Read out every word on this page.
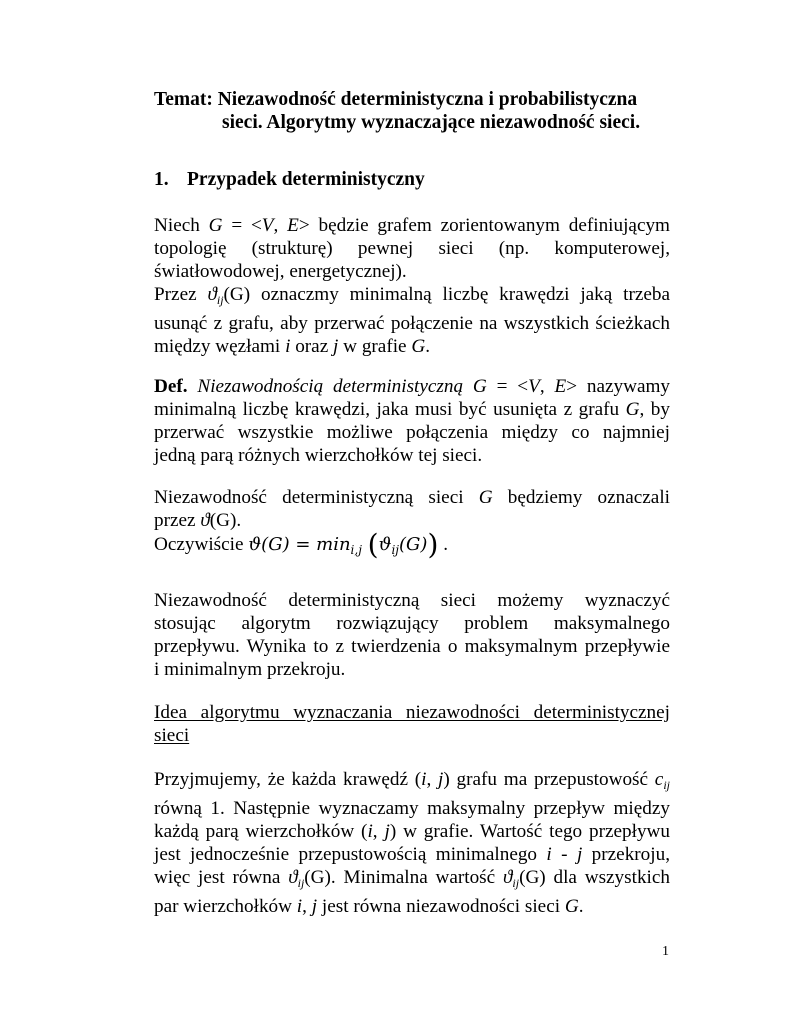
Temat: Niezawodność deterministyczna i probabilistyczna
sieci. Algorytmy wyznaczające niezawodność sieci.
1. Przypadek deterministyczny
Niech G = <V, E> będzie grafem zorientowanym definiującym
topologię (strukturę) pewnej sieci (np. komputerowej,
światłowodowej, energetycznej).
Przez $ϑ_{ij}(G)$ oznaczmy minimalną liczbę krawędzi jaką trzeba
usunąć z grafu, aby przerwać połączenie na wszystkich ścieżkach
między węzłami i oraz j w grafie G.
Def. Niezawodnością deterministyczną G = <V, E> nazywamy
minimalną liczbę krawędzi, jaka musi być usunięta z grafu G, by
przerwać wszystkie możliwe połączenia między co najmniej
jedną parą różnych wierzchołków tej sieci.
Niezawodność deterministyczną sieci G będziemy oznaczali
przez ϑ(G).
Oczywiście $ϑ(G) = \min_{i,j} (ϑ_{ij}(G))$ .
Niezawodność deterministyczną sieci możemy wyznaczyć
stosując algorytm rozwiązujący problem maksymalnego
przepływu. Wynika to z twierdzenia o maksymalnym przepływie
i minimalnym przekroju.
Idea algorytmu wyznaczania niezawodności deterministycznej
sieci
Przyjmujemy, że każda krawędź (i, j) grafu ma przepustowość $c_{ij}$
równą 1. Następnie wyznaczamy maksymalny przepływ między
każdą parą wierzchołków (i, j) w grafie. Wartość tego przepływu
jest jednocześnie przepustowością minimalnego i - j przekroju,
więc jest równa $ϑ_{ij}(G)$. Minimalna wartość $ϑ_{ij}(G)$ dla wszystkich
par wierzchołków i, j jest równa niezawodności sieci G.
1
